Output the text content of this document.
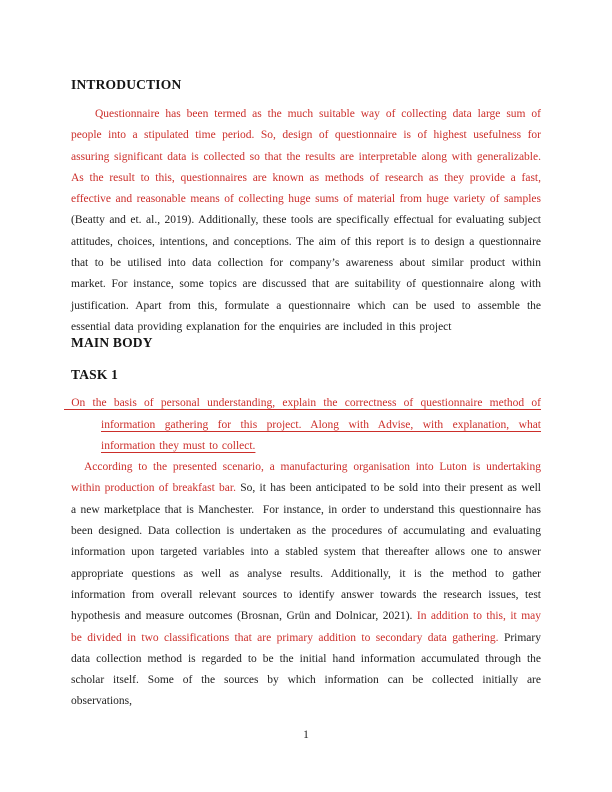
INTRODUCTION

Questionnaire has been termed as the much suitable way of collecting data large sum of people into a stipulated time period. So, design of questionnaire is of highest usefulness for assuring significant data is collected so that the results are interpretable along with generalizable. As the result to this, questionnaires are known as methods of research as they provide a fast, effective and reasonable means of collecting huge sums of material from huge variety of samples (Beatty and et. al., 2019). Additionally, these tools are specifically effectual for evaluating subject attitudes, choices, intentions, and conceptions. The aim of this report is to design a questionnaire that to be utilised into data collection for company’s awareness about similar product within market. For instance, some topics are discussed that are suitability of questionnaire along with justification. Apart from this, formulate a questionnaire which can be used to assemble the essential data providing explanation for the enquiries are included in this project

MAIN BODY
TASK 1

On the basis of personal understanding, explain the correctness of questionnaire method of information gathering for this project. Along with Advise, with explanation, what information they must to collect.

According to the presented scenario, a manufacturing organisation into Luton is undertaking within production of breakfast bar. So, it has been anticipated to be sold into their present as well a new marketplace that is Manchester.  For instance, in order to understand this questionnaire has been designed. Data collection is undertaken as the procedures of accumulating and evaluating information upon targeted variables into a stabled system that thereafter allows one to answer appropriate questions as well as analyse results. Additionally, it is the method to gather information from overall relevant sources to identify answer towards the research issues, test hypothesis and measure outcomes (Brosnan, Grün and Dolnicar, 2021). In addition to this, it may be divided in two classifications that are primary addition to secondary data gathering. Primary data collection method is regarded to be the initial hand information accumulated through the scholar itself. Some of the sources by which information can be collected initially are observations,

1
